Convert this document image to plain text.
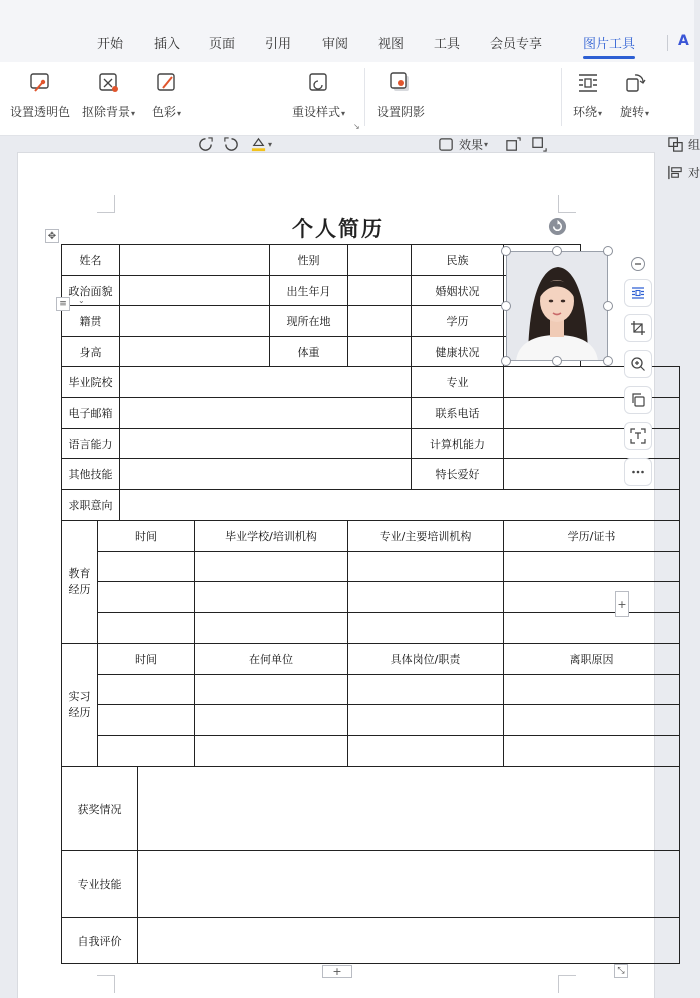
开始 插入 页面 引用 审阅 视图 工具 会员专享	图片工具	A
设置透明色 抠除背景▾ 色彩▾
▾
重设样式▾
↘
设置阴影
效果 ▾
环绕▾ 旋转▾
组
对
✥	个人简历
姓名					性别		民族		
政治面貌					出生年月		婚姻状况		
籍贯					现所在地		学历		
身高					体重		健康状况		
毕业院校							专业		
电子邮箱							联系电话		
语言能力							计算机能力		
其他技能							特长爱好		
求职意向									
教育经历	时间			毕业学校/培训机构		专业/主要培训机构		学历/证书	

实习经历	时间			在何单位		具体岗位/职责		离职原因	

获奖情况									
专业技能									
自我评价									
≡	⌄
+
+	⤡
